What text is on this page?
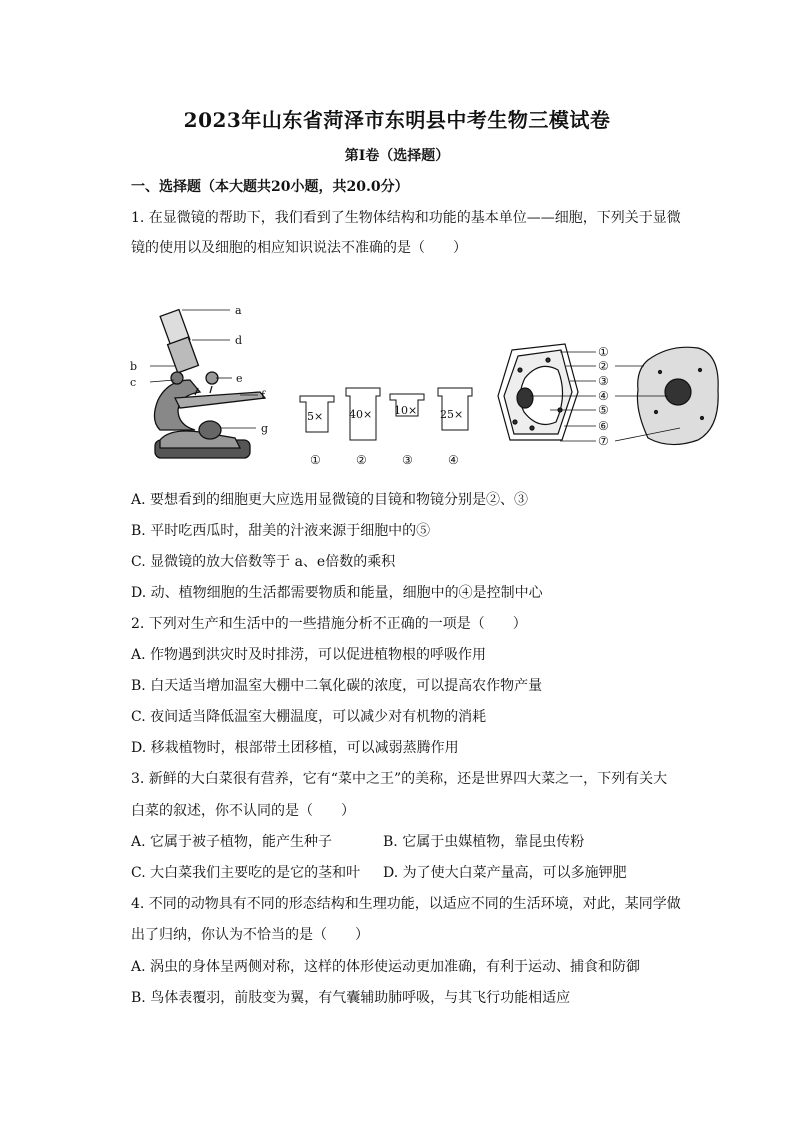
2023年山东省菏泽市东明县中考生物三模试卷
第I卷（选择题）
一、选择题（本大题共20小题，共20.0分）
1. 在显微镜的帮助下，我们看到了生物体结构和功能的基本单位——细胞，下列关于显微
镜的使用以及细胞的相应知识说法不准确的是（　　）
a
d
b
c	e
f
g
5×
①
40×
②
10×
③
25×
④
①
②
③
④
⑤
⑥
⑦
A. 要想看到的细胞更大应选用显微镜的目镜和物镜分别是②、③
B. 平时吃西瓜时，甜美的汁液来源于细胞中的⑤
C. 显微镜的放大倍数等于 a、e倍数的乘积
D. 动、植物细胞的生活都需要物质和能量，细胞中的④是控制中心
2. 下列对生产和生活中的一些措施分析不正确的一项是（　　）
A. 作物遇到洪灾时及时排涝，可以促进植物根的呼吸作用
B. 白天适当增加温室大棚中二氧化碳的浓度，可以提高农作物产量
C. 夜间适当降低温室大棚温度，可以减少对有机物的消耗
D. 移栽植物时，根部带土团移植，可以减弱蒸腾作用
3. 新鲜的大白菜很有营养，它有“菜中之王”的美称，还是世界四大菜之一，下列有关大
白菜的叙述，你不认同的是（　　）
A. 它属于被子植物，能产生种子	B. 它属于虫媒植物，靠昆虫传粉
C. 大白菜我们主要吃的是它的茎和叶 D. 为了使大白菜产量高，可以多施钾肥
4. 不同的动物具有不同的形态结构和生理功能，以适应不同的生活环境，对此，某同学做
出了归纳，你认为不恰当的是（　　）
A. 涡虫的身体呈两侧对称，这样的体形使运动更加准确，有利于运动、捕食和防御
B. 鸟体表覆羽，前肢变为翼，有气囊辅助肺呼吸，与其飞行功能相适应
